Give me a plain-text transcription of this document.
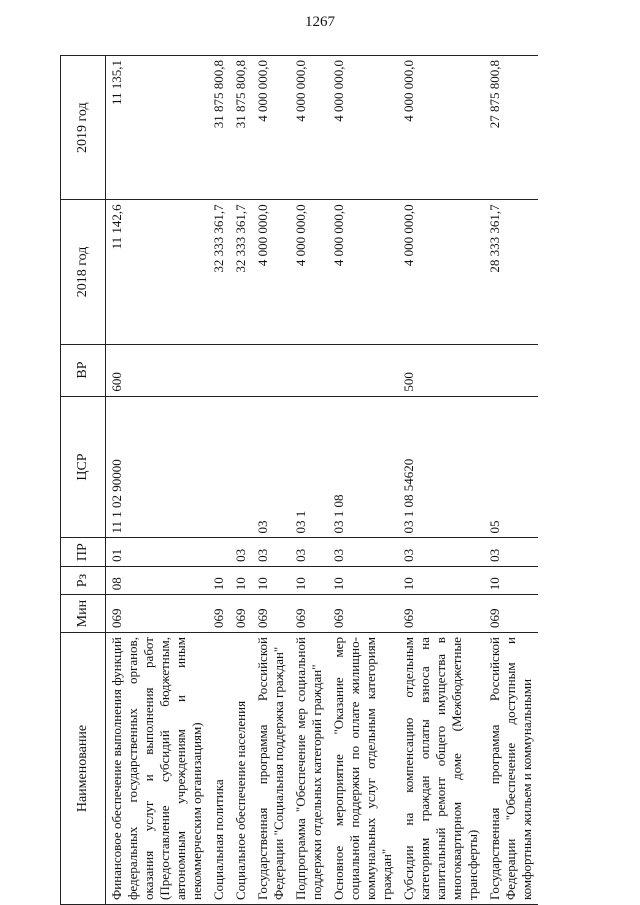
1267
Наименование	Мин	Рз	ПР	ЦСР	ВР	2018 год	2019 год
Финансовое обеспечение выполнения функций федеральных государственных органов, оказания услуг и выполнения работ (Предоставление субсидий бюджетным, автономным учреждениям и иным некоммерческим организациям)	069	08	01	11 1 02 90000	600	11 142,6	11 135,1
Социальная политика	069	10				32 333 361,7	31 875 800,8
Социальное обеспечение населения	069	10	03			32 333 361,7	31 875 800,8
Государственная программа Российской Федерации "Социальная поддержка граждан"	069	10	03	03		4 000 000,0	4 000 000,0
Подпрограмма "Обеспечение мер социальной поддержки отдельных категорий граждан"	069	10	03	03 1		4 000 000,0	4 000 000,0
Основное мероприятие "Оказание мер социальной поддержки по оплате жилищно-коммунальных услуг отдельным категориям граждан"	069	10	03	03 1 08		4 000 000,0	4 000 000,0
Субсидии на компенсацию отдельным категориям граждан оплаты взноса на капитальный ремонт общего имущества в многоквартирном доме (Межбюджетные трансферты)	069	10	03	03 1 08 54620	500	4 000 000,0	4 000 000,0
Государственная программа Российской Федерации "Обеспечение доступным и комфортным жильем и коммунальными	069	10	03	05		28 333 361,7	27 875 800,8
